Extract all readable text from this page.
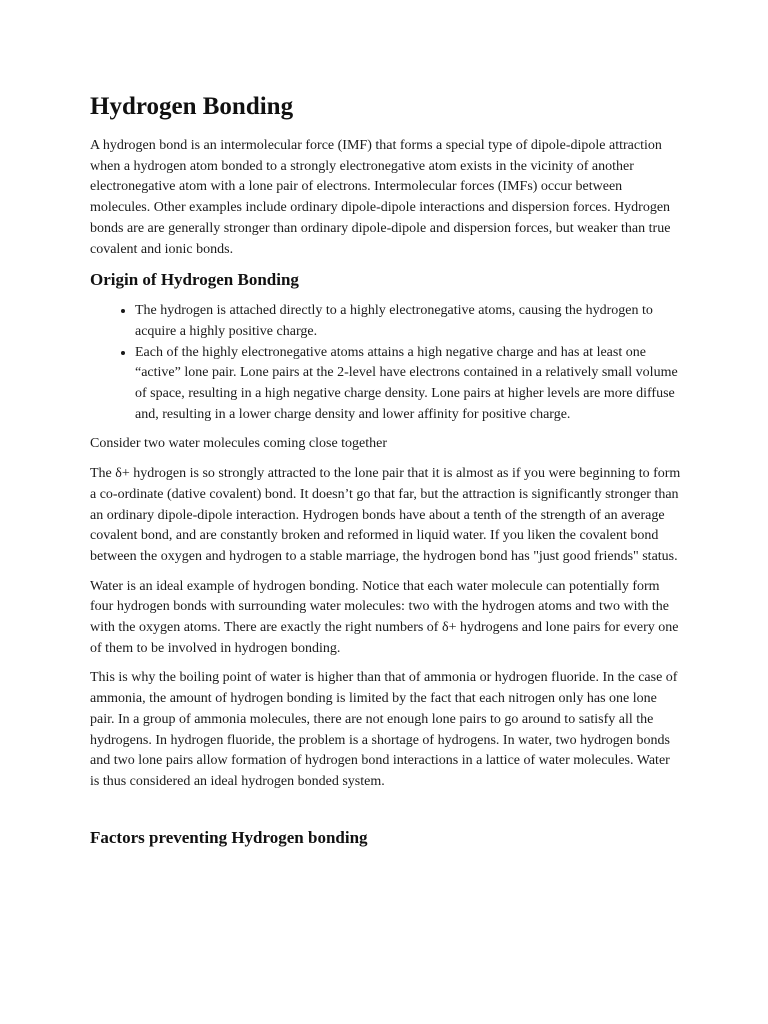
Hydrogen Bonding

A hydrogen bond is an intermolecular force (IMF) that forms a special type of dipole-dipole attraction when a hydrogen atom bonded to a strongly electronegative atom exists in the vicinity of another electronegative atom with a lone pair of electrons. Intermolecular forces (IMFs) occur between molecules. Other examples include ordinary dipole-dipole interactions and dispersion forces. Hydrogen bonds are are generally stronger than ordinary dipole-dipole and dispersion forces, but weaker than true covalent and ionic bonds.

Origin of Hydrogen Bonding
• The hydrogen is attached directly to a highly electronegative atoms, causing the hydrogen to acquire a highly positive charge.
• Each of the highly electronegative atoms attains a high negative charge and has at least one “active” lone pair. Lone pairs at the 2-level have electrons contained in a relatively small volume of space, resulting in a high negative charge density. Lone pairs at higher levels are more diffuse and, resulting in a lower charge density and lower affinity for positive charge.

Consider two water molecules coming close together

The δ+ hydrogen is so strongly attracted to the lone pair that it is almost as if you were beginning to form a co-ordinate (dative covalent) bond. It doesn’t go that far, but the attraction is significantly stronger than an ordinary dipole-dipole interaction. Hydrogen bonds have about a tenth of the strength of an average covalent bond, and are constantly broken and reformed in liquid water. If you liken the covalent bond between the oxygen and hydrogen to a stable marriage, the hydrogen bond has "just good friends" status.

Water is an ideal example of hydrogen bonding. Notice that each water molecule can potentially form four hydrogen bonds with surrounding water molecules: two with the hydrogen atoms and two with the with the oxygen atoms. There are exactly the right numbers of δ+ hydrogens and lone pairs for every one of them to be involved in hydrogen bonding.

This is why the boiling point of water is higher than that of ammonia or hydrogen fluoride. In the case of ammonia, the amount of hydrogen bonding is limited by the fact that each nitrogen only has one lone pair. In a group of ammonia molecules, there are not enough lone pairs to go around to satisfy all the hydrogens. In hydrogen fluoride, the problem is a shortage of hydrogens. In water, two hydrogen bonds and two lone pairs allow formation of hydrogen bond interactions in a lattice of water molecules. Water is thus considered an ideal hydrogen bonded system.

Factors preventing Hydrogen bonding
